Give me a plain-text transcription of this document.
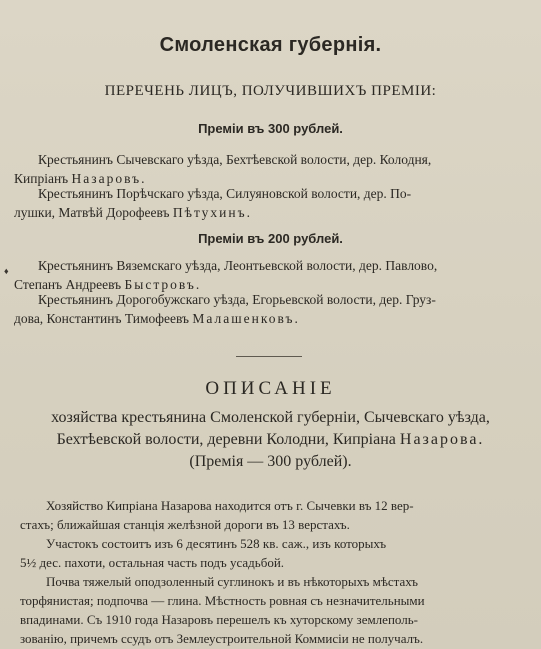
Смоленская губернія.
ПЕРЕЧЕНЬ ЛИЦЪ, ПОЛУЧИВШИХЪ ПРЕМІИ:
Преміи въ 300 рублей.

Крестьянинъ Сычевскаго уѣзда, Бехтѣевской волости, дер. Колодня,
Кипріанъ Назаровъ.

Крестьянинъ Порѣчскаго уѣзда, Силуяновской волости, дер. По-
лушки, Матвѣй Дорофеевъ Пѣтухинъ.

Преміи въ 200 рублей.
♦	Крестьянинъ Вяземскаго уѣзда, Леонтьевской волости, дер. Павлово,
Степанъ Андреевъ Быстровъ.

Крестьянинъ Дорогобужскаго уѣзда, Егорьевской волости, дер. Груз-
дова, Константинъ Тимофеевъ Малашенковъ.

ОПИСАНІЕ
хозяйства крестьянина Смоленской губерніи, Сычевскаго уѣзда,
Бехтѣевской волости, деревни Колодни, Кипріана Назарова.
(Премія — 300 рублей).
Хозяйство Кипріана Назарова находится отъ г. Сычевки въ 12 вер-
стахъ; ближайшая станція желѣзной дороги въ 13 верстахъ.
Участокъ состоитъ изъ 6 десятинъ 528 кв. саж., изъ которыхъ
5½ дес. пахоти, остальная часть подъ усадьбой.
Почва тяжелый оподзоленный суглинокъ и въ нѣкоторыхъ мѣстахъ
торфянистая; подпочва — глина. Мѣстность ровная съ незначительными
впадинами. Съ 1910 года Назаровъ перешелъ къ хуторскому землеполь-
зованію, причемъ ссудъ отъ Землеустроительной Коммисіи не получалъ.
